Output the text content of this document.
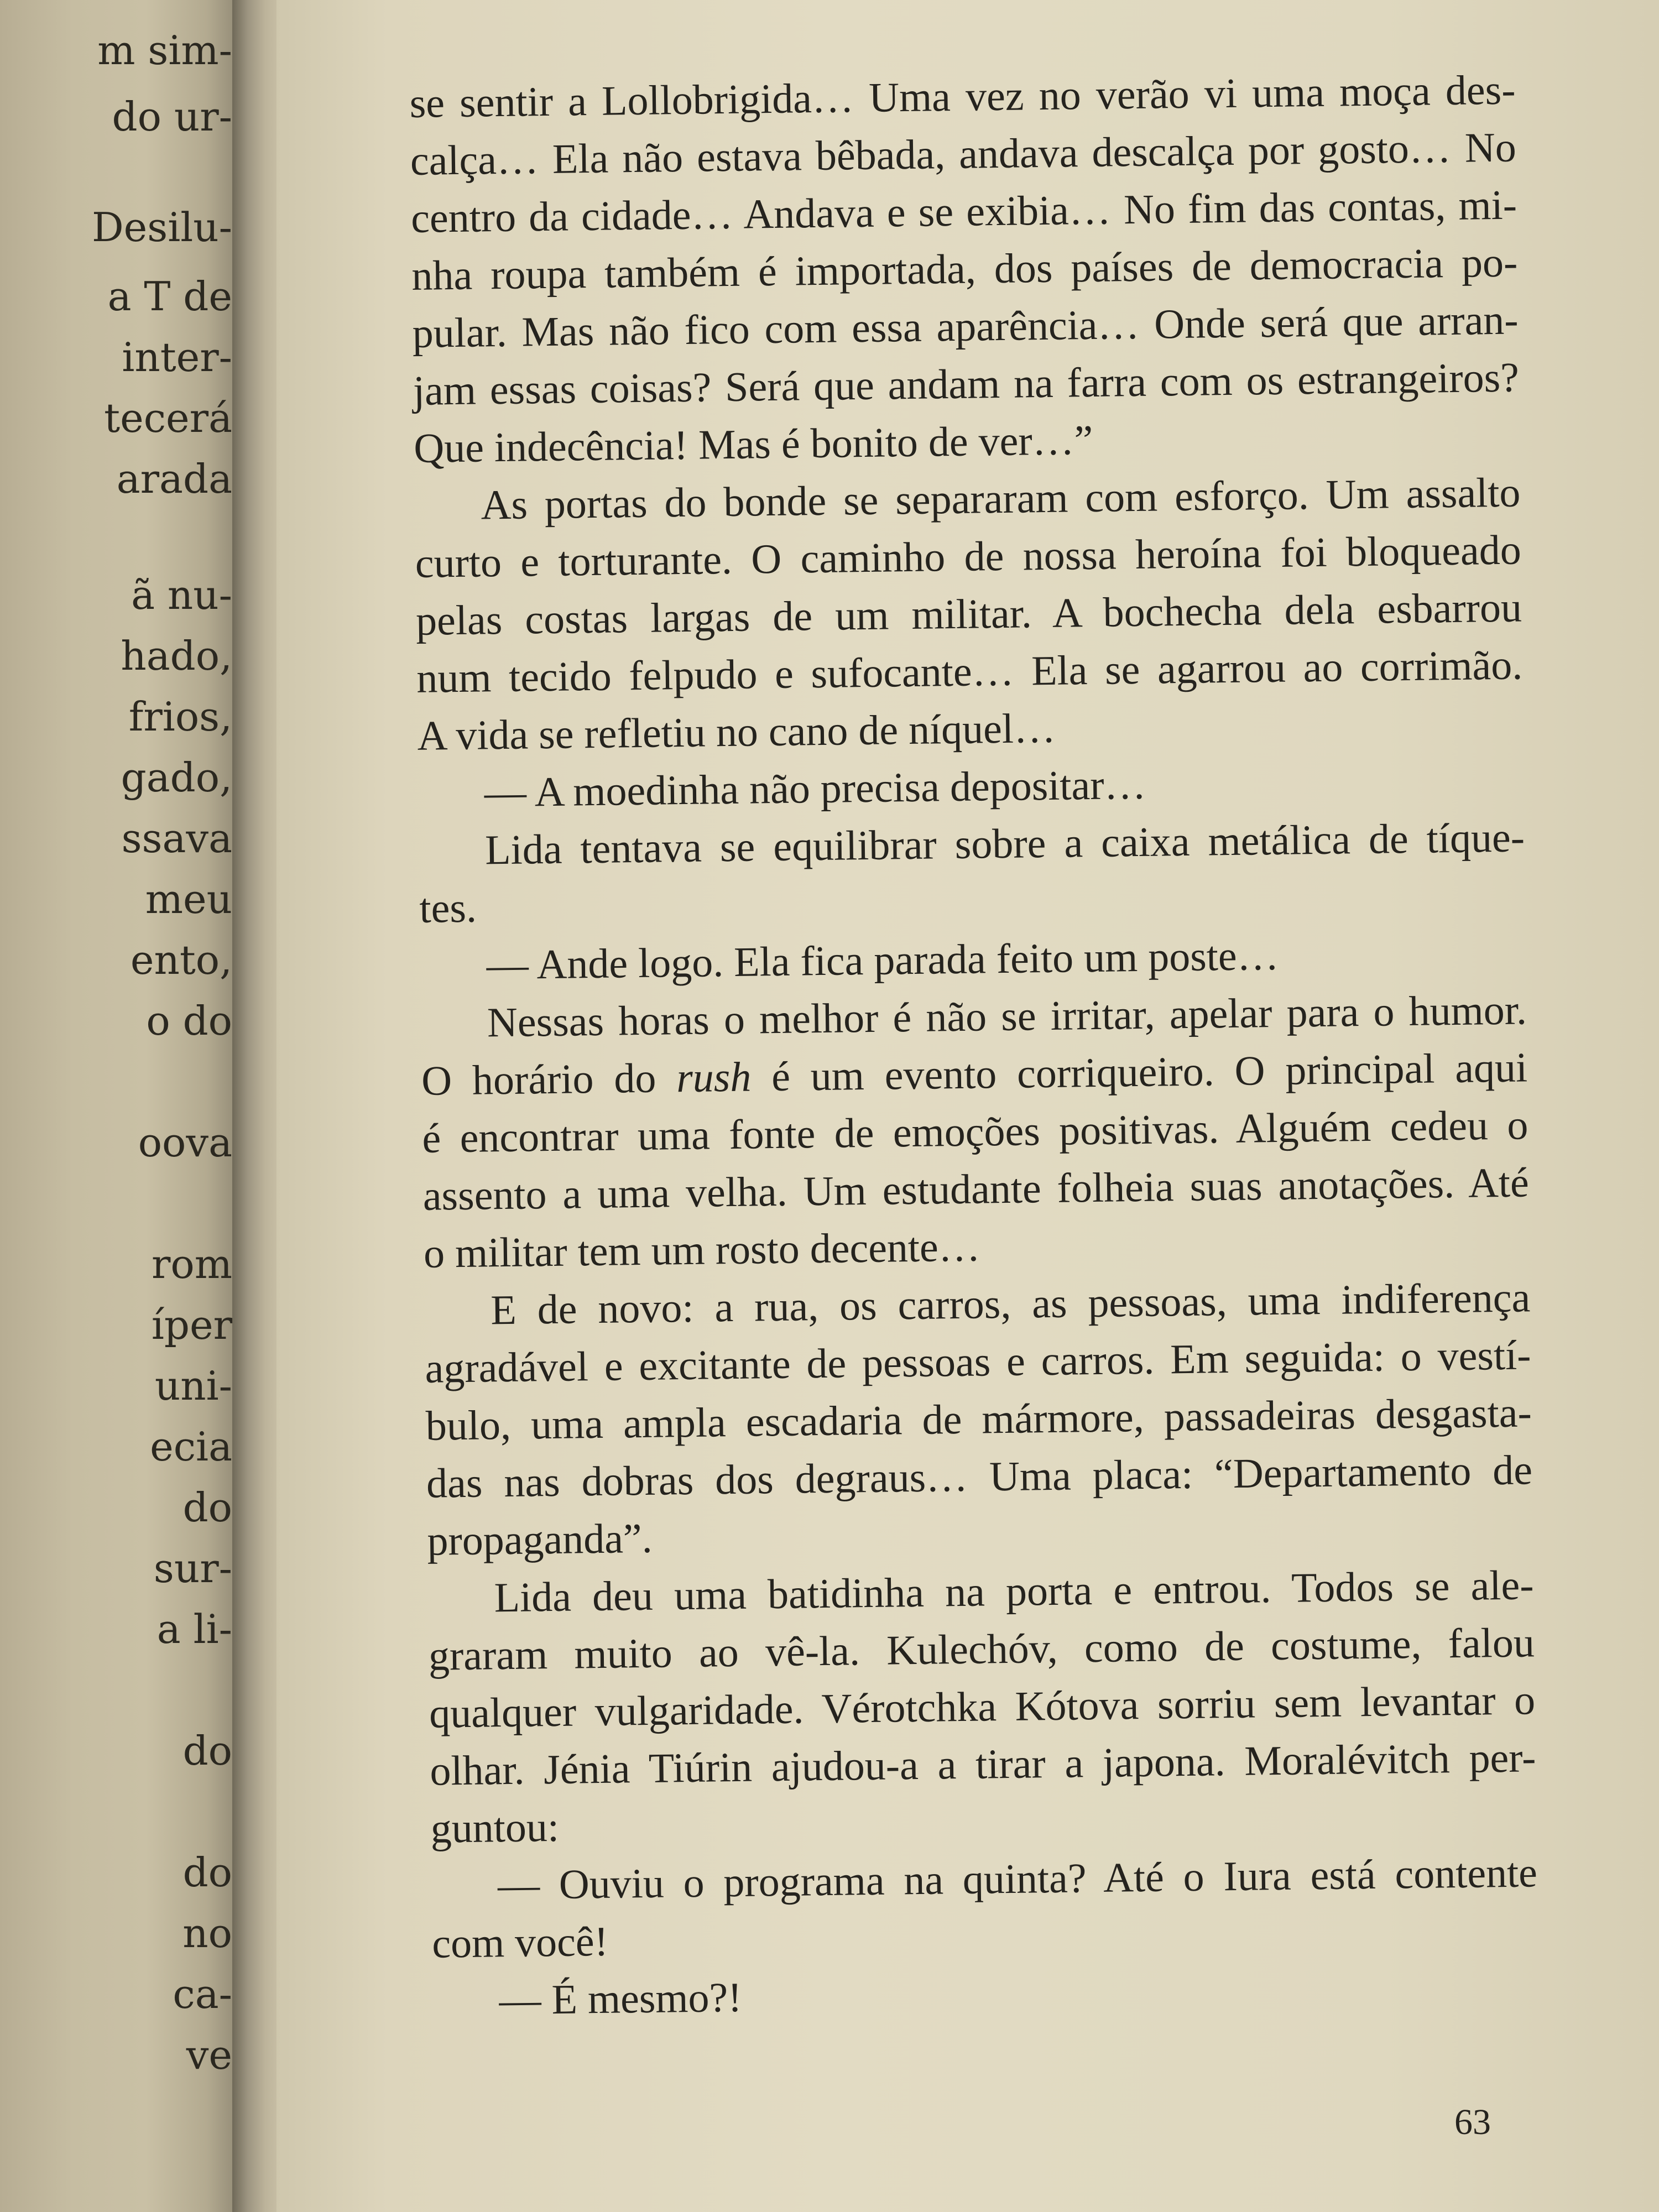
m sim-
do ur-
Desilu-
a T de
inter-
tecerá
arada
ã nu-
hado,
frios,
gado,
ssava
meu
ento,
o do
oova
rom
íper
uni-
ecia
do
sur-
a li-
do
do
no
ca-
ve
se sentir a Lollobrigida… Uma vez no verão vi uma moça des-
calça… Ela não estava bêbada, andava descalça por gosto… No
centro da cidade… Andava e se exibia… No fim das contas, mi-
nha roupa também é importada, dos países de democracia po-
pular. Mas não fico com essa aparência… Onde será que arran-
jam essas coisas? Será que andam na farra com os estrangeiros?
Que indecência! Mas é bonito de ver…”
As portas do bonde se separaram com esforço. Um assalto
curto e torturante. O caminho de nossa heroína foi bloqueado
pelas costas largas de um militar. A bochecha dela esbarrou
num tecido felpudo e sufocante… Ela se agarrou ao corrimão.
A vida se refletiu no cano de níquel…
— A moedinha não precisa depositar…
Lida tentava se equilibrar sobre a caixa metálica de tíque-
tes.
— Ande logo. Ela fica parada feito um poste…
Nessas horas o melhor é não se irritar, apelar para o humor.
O horário do rush é um evento corriqueiro. O principal aqui
é encontrar uma fonte de emoções positivas. Alguém cedeu o
assento a uma velha. Um estudante folheia suas anotações. Até
o militar tem um rosto decente…
E de novo: a rua, os carros, as pessoas, uma indiferença
agradável e excitante de pessoas e carros. Em seguida: o vestí-
bulo, uma ampla escadaria de mármore, passadeiras desgasta-
das nas dobras dos degraus… Uma placa: “Departamento de
propaganda”.
Lida deu uma batidinha na porta e entrou. Todos se ale-
graram muito ao vê-la. Kulechóv, como de costume, falou
qualquer vulgaridade. Vérotchka Kótova sorriu sem levantar o
olhar. Jénia Tiúrin ajudou-a a tirar a japona. Moralévitch per-
guntou:
— Ouviu o programa na quinta? Até o Iura está contente
com você!
— É mesmo?!
63
